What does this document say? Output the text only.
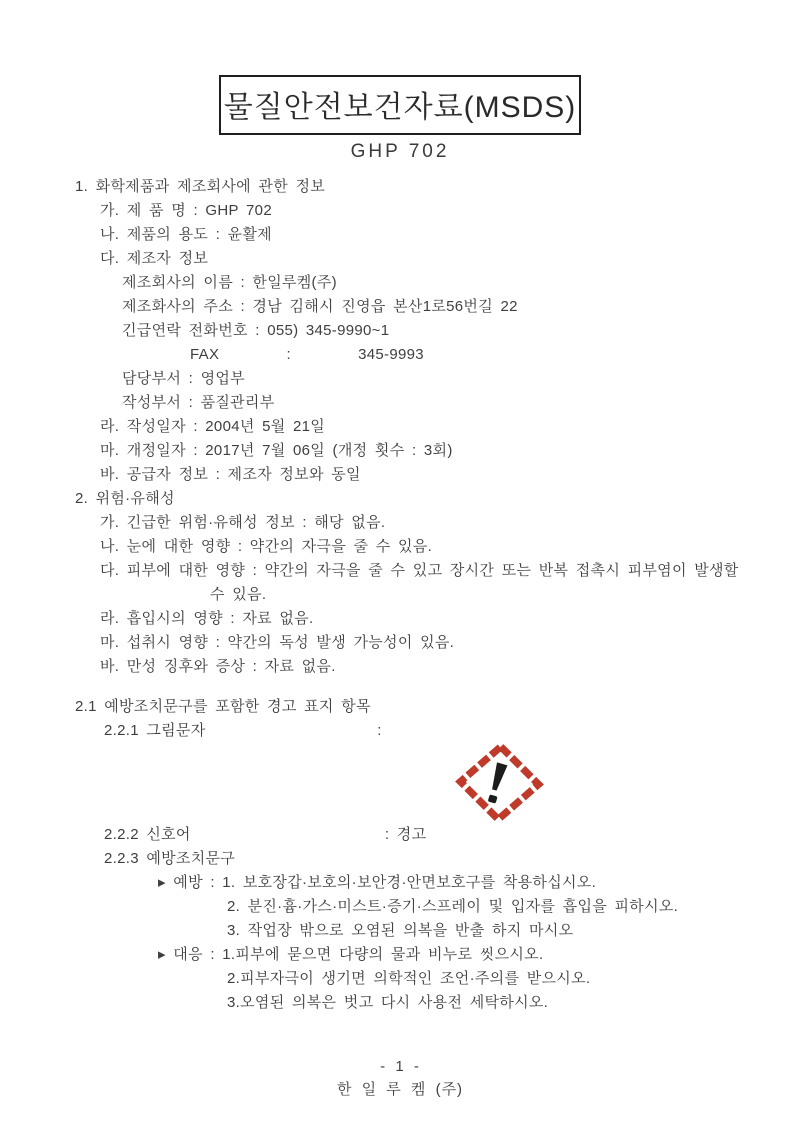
물질안전보건자료(MSDS)
GHP 702
1. 화학제품과 제조회사에 관한 정보
가. 제 품 명 : GHP 702
나. 제품의 용도 : 윤활제
다. 제조자 정보
제조회사의 이름 : 한일루켐(주)
제조화사의 주소 : 경남 김해시 진영읍 본산1로56번길 22
긴급연락 전화번호 : 055) 345-9990~1
FAX         :         345-9993
담당부서 : 영업부
작성부서 : 품질관리부
라. 작성일자 : 2004년 5월 21일
마. 개정일자 : 2017년 7월 06일 (개정 횟수 : 3회)
바. 공급자 정보 : 제조자 정보와 동일
2. 위험·유해성
가. 긴급한 위험·유해성 정보 : 해당 없음.
나. 눈에 대한 영향 : 약간의 자극을 줄 수 있음.
다. 피부에 대한 영향 : 약간의 자극을 줄 수 있고 장시간 또는 반복 접촉시 피부염이 발생할
수 있음.
라. 흡입시의 영향 : 자료 없음.
마. 섭취시 영향 : 약간의 독성 발생 가능성이 있음.
바. 만성 징후와 증상 : 자료 없음.
2.1 예방조치문구를 포함한 경고 표지 항목
2.2.1 그림문자                       :
2.2.2 신호어                          : 경고
2.2.3 예방조치문구
▸ 예방 : 1. 보호장갑·보호의·보안경·안면보호구를 착용하십시오.
2. 분진·흄·가스·미스트·증기·스프레이 및 입자를 흡입을 피하시오.
3. 작업장 밖으로 오염된 의복을 반출 하지 마시오
▸ 대응 : 1.피부에 묻으면 다량의 물과 비누로 씻으시오.
2.피부자극이 생기면 의학적인 조언·주의를 받으시오.
3.오염된 의복은 벗고 다시 사용전 세탁하시오.
- 1 -
한 일 루 켐 (주)
